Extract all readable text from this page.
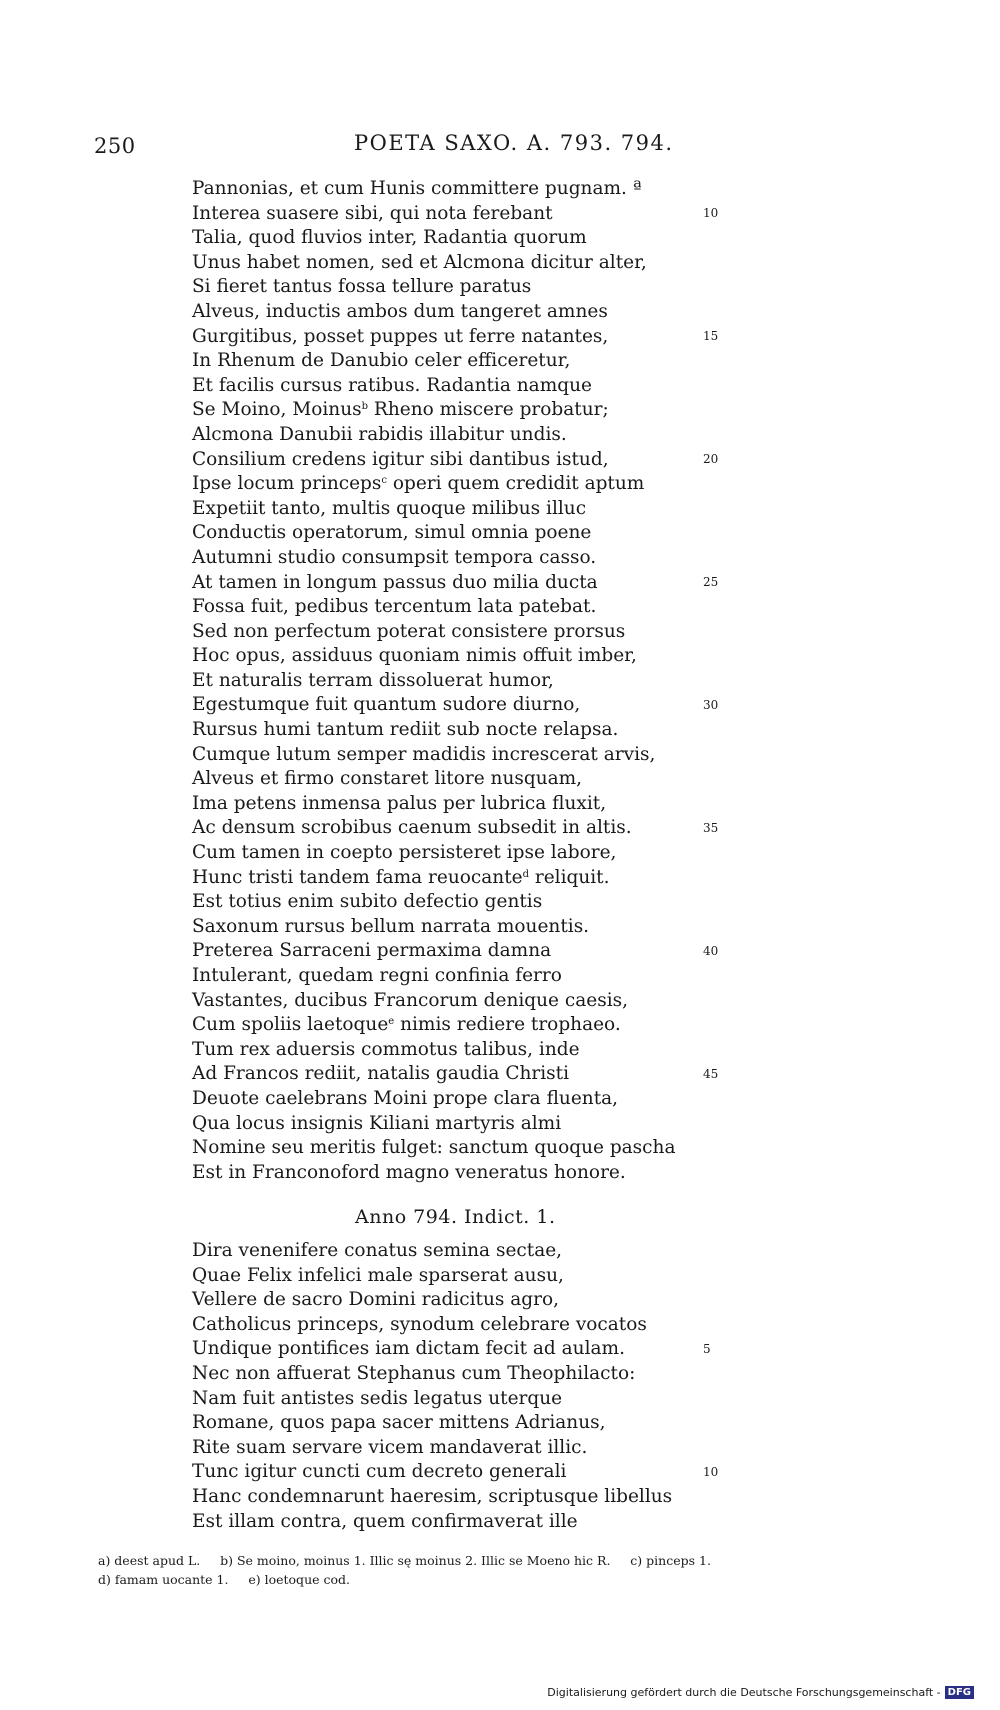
250	POETA SAXO. A. 793. 794.
Pannonias, et cum Hunis committere pugnam. ª
Interea suasere sibi, qui nota ferebant
Talia, quod fluvios inter, Radantia quorum
Unus habet nomen, sed et Alcmona dicitur alter,
Si fieret tantus fossa tellure paratus
Alveus, inductis ambos dum tangeret amnes
Gurgitibus, posset puppes ut ferre natantes,
In Rhenum de Danubio celer efficeretur,
Et facilis cursus ratibus. Radantia namque
Se Moino, Moinus$^b$ Rheno miscere probatur;
Alcmona Danubii rabidis illabitur undis.
Consilium credens igitur sibi dantibus istud,
Ipse locum princeps$^c$ operi quem credidit aptum
Expetiit tanto, multis quoque milibus illuc
Conductis operatorum, simul omnia poene
Autumni studio consumpsit tempora casso.
At tamen in longum passus duo milia ducta
Fossa fuit, pedibus tercentum lata patebat.
Sed non perfectum poterat consistere prorsus
Hoc opus, assiduus quoniam nimis offuit imber,
Et naturalis terram dissoluerat humor,
Egestumque fuit quantum sudore diurno,
Rursus humi tantum rediit sub nocte relapsa.
Cumque lutum semper madidis increscerat arvis,
Alveus et firmo constaret litore nusquam,
Ima petens inmensa palus per lubrica fluxit,
Ac densum scrobibus caenum subsedit in altis.
Cum tamen in coepto persisteret ipse labore,
Hunc tristi tandem fama reuocante$^d$ reliquit.
Est totius enim subito defectio gentis
Saxonum rursus bellum narrata mouentis.
Preterea Sarraceni permaxima damna
Intulerant, quedam regni confinia ferro
Vastantes, ducibus Francorum denique caesis,
Cum spoliis laetoque$^e$ nimis rediere trophaeo.
Tum rex aduersis commotus talibus, inde
Ad Francos rediit, natalis gaudia Christi
Deuote caelebrans Moini prope clara fluenta,
Qua locus insignis Kiliani martyris almi
Nomine seu meritis fulget: sanctum quoque pascha
Est in Franconoford magno veneratus honore.
10
15
20
25
30
35
40
45
Anno 794. Indict. 1.
Dira venenifere conatus semina sectae,
Quae Felix infelici male sparserat ausu,
Vellere de sacro Domini radicitus agro,
Catholicus princeps, synodum celebrare vocatos
Undique pontifices iam dictam fecit ad aulam.
Nec non affuerat Stephanus cum Theophilacto:
Nam fuit antistes sedis legatus uterque
Romane, quos papa sacer mittens Adrianus,
Rite suam servare vicem mandaverat illic.
Tunc igitur cuncti cum decreto generali
Hanc condemnarunt haeresim, scriptusque libellus
Est illam contra, quem confirmaverat ille
5
10
a) deest apud L. b) Se moino, moinus 1. Illic sę moinus 2. Illic se Moeno hic R. c) pinceps 1.
d) famam uocante 1. e) loetoque cod.
Digitalisierung gefördert durch die Deutsche Forschungsgemeinschaft - DFG
